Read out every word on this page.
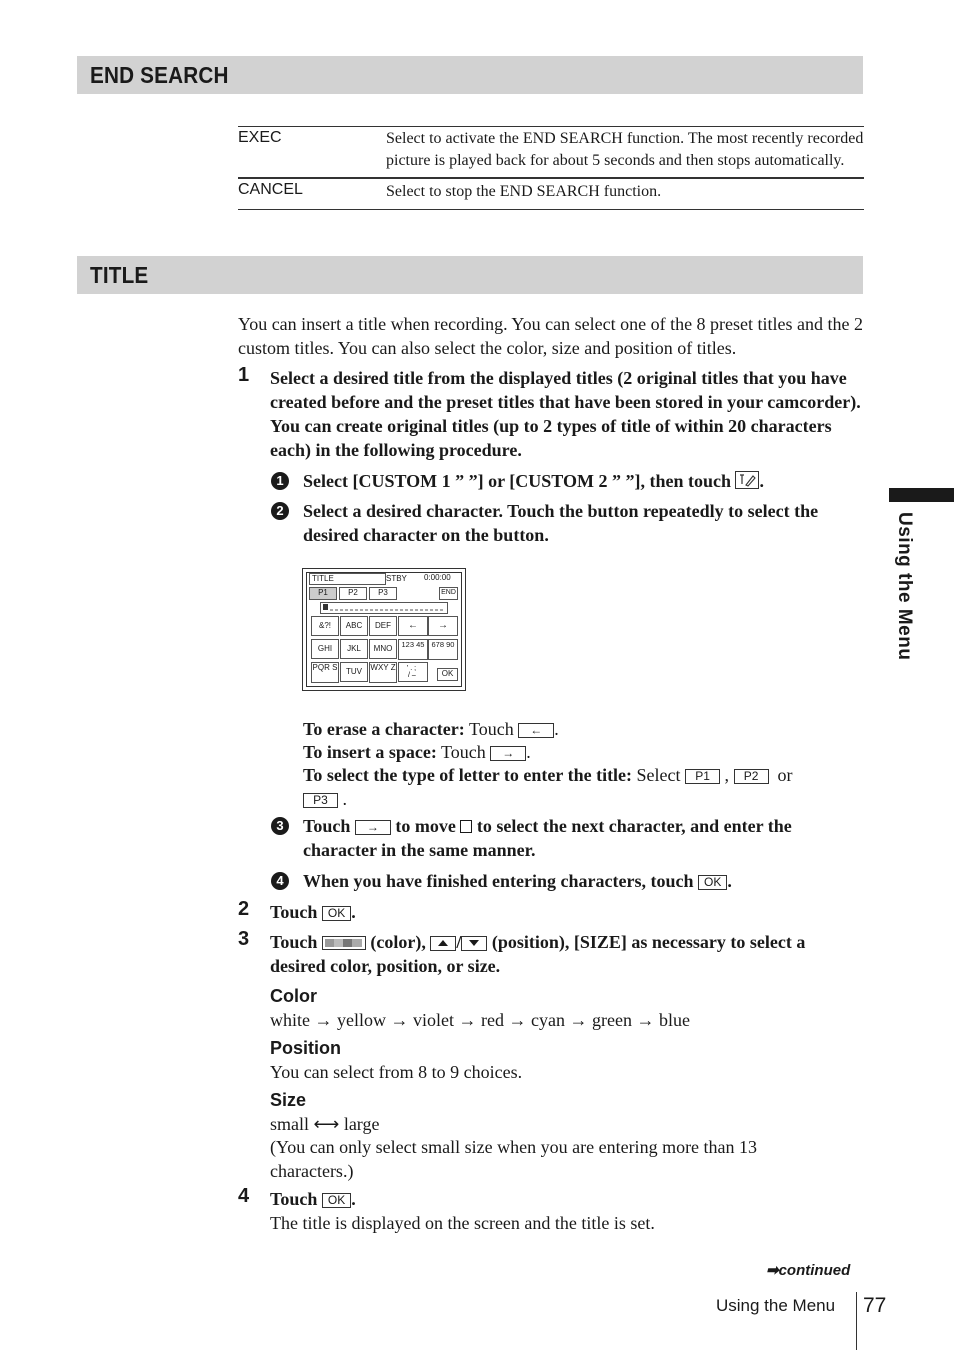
END SEARCH
EXEC	Select to activate the END SEARCH function. The most recently recorded picture is played back for about 5 seconds and then stops automatically.
CANCEL	Select to stop the END SEARCH function.
TITLE
You can insert a title when recording. You can select one of the 8 preset titles and the 2 custom titles. You can also select the color, size and position of titles.
1 Select a desired title from the displayed titles (2 original titles that you have created before and the preset titles that have been stored in your camcorder). You can create original titles (up to 2 types of title of within 20 characters each) in the following procedure.
1 Select [CUSTOM 1 ” ”] or [CUSTOM 2 ” ”], then touch .
2 Select a desired character. Touch the button repeatedly to select the desired character on the button.
TITLE	STBY 0:00:00
P1	P2	P3	END
&?!	ABC	DEF	←	→
GHI	JKL	MNO	123 45 678 90
PQR S	TUV	WXY Z ' . ;
/ –	OK
To erase a character: Touch ← .
To insert a space: Touch → .
To select the type of letter to enter the title: Select P1 , P2 or
P3 .
3 Touch → to move to select the next character, and enter the character in the same manner.
4 When you have finished entering characters, touch OK .
2 Touch OK .
3 Touch	(color), / (position), [SIZE] as necessary to select a
desired color, position, or size.
Color
white → yellow → violet → red → cyan → green → blue
Position
You can select from 8 to 9 choices.
Size
small ⟷ large
(You can only select small size when you are entering more than 13 characters.)
4 Touch OK .
The title is displayed on the screen and the title is set.
Using the Menu
➡continued
Using the Menu 77
